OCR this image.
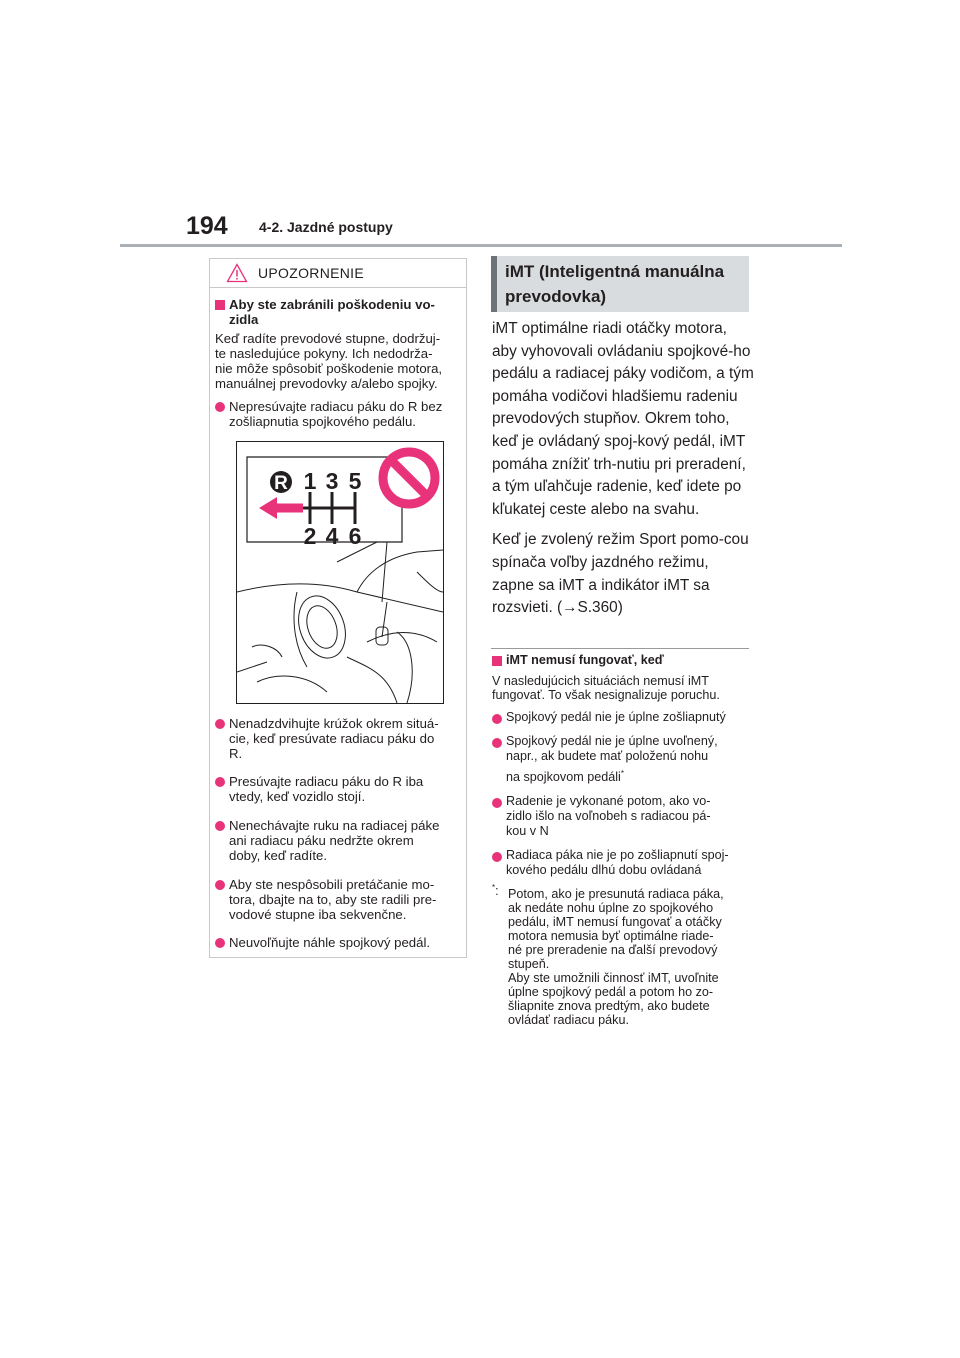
194 4-2. Jazdné postupy
UPOZORNENIE
Aby ste zabránili poškodeniu vo-
zidla
Keď radíte prevodové stupne, dodržuj-
te nasledujúce pokyny. Ich nedodrža-
nie môže spôsobiť poškodenie motora,
manuálnej prevodovky a/alebo spojky.
Nepresúvajte radiacu páku do R bez
zošliapnutia spojkového pedálu.
R 1 3 5
2 4 6
Nenadzdvihujte krúžok okrem situá-
cie, keď presúvate radiacu páku do
R.
Presúvajte radiacu páku do R iba
vtedy, keď vozidlo stojí.
Nenechávajte ruku na radiacej páke
ani radiacu páku nedržte okrem
doby, keď radíte.
Aby ste nespôsobili pretáčanie mo-
tora, dbajte na to, aby ste radili pre-
vodové stupne iba sekvenčne.
Neuvoľňujte náhle spojkový pedál.
iMT (Inteligentná manuálna prevodovka)

iMT optimálne riadi otáčky motora, aby vyhovovali ovládaniu spojkové-ho pedálu a radiacej páky vodičom, a tým pomáha vodičovi hladšiemu radeniu prevodových stupňov. Okrem toho, keď je ovládaný spoj-kový pedál, iMT pomáha znížiť trh-nutiu pri preradení, a tým uľahčuje radenie, keď idete po kľukatej ceste alebo na svahu.

Keď je zvolený režim Sport pomo-cou spínača voľby jazdného režimu, zapne sa iMT a indikátor iMT sa rozsvieti. (→S.360)

iMT nemusí fungovať, keď
V nasledujúcich situáciách nemusí iMT
fungovať. To však nesignalizuje poruchu.
Spojkový pedál nie je úplne zošliapnutý
Spojkový pedál nie je úplne uvoľnený,
napr., ak budete mať položenú nohu
na spojkovom pedáli*
Radenie je vykonané potom, ako vo-
zidlo išlo na voľnobeh s radiacou pá-
kou v N
Radiaca páka nie je po zošliapnutí spoj-
kového pedálu dlhú dobu ovládaná
*: Potom, ako je presunutá radiaca páka,
ak nedáte nohu úplne zo spojkového
pedálu, iMT nemusí fungovať a otáčky
motora nemusia byť optimálne riade-
né pre preradenie na ďalší prevodový
stupeň.
Aby ste umožnili činnosť iMT, uvoľnite
úplne spojkový pedál a potom ho zo-
šliapnite znova predtým, ako budete
ovládať radiacu páku.
